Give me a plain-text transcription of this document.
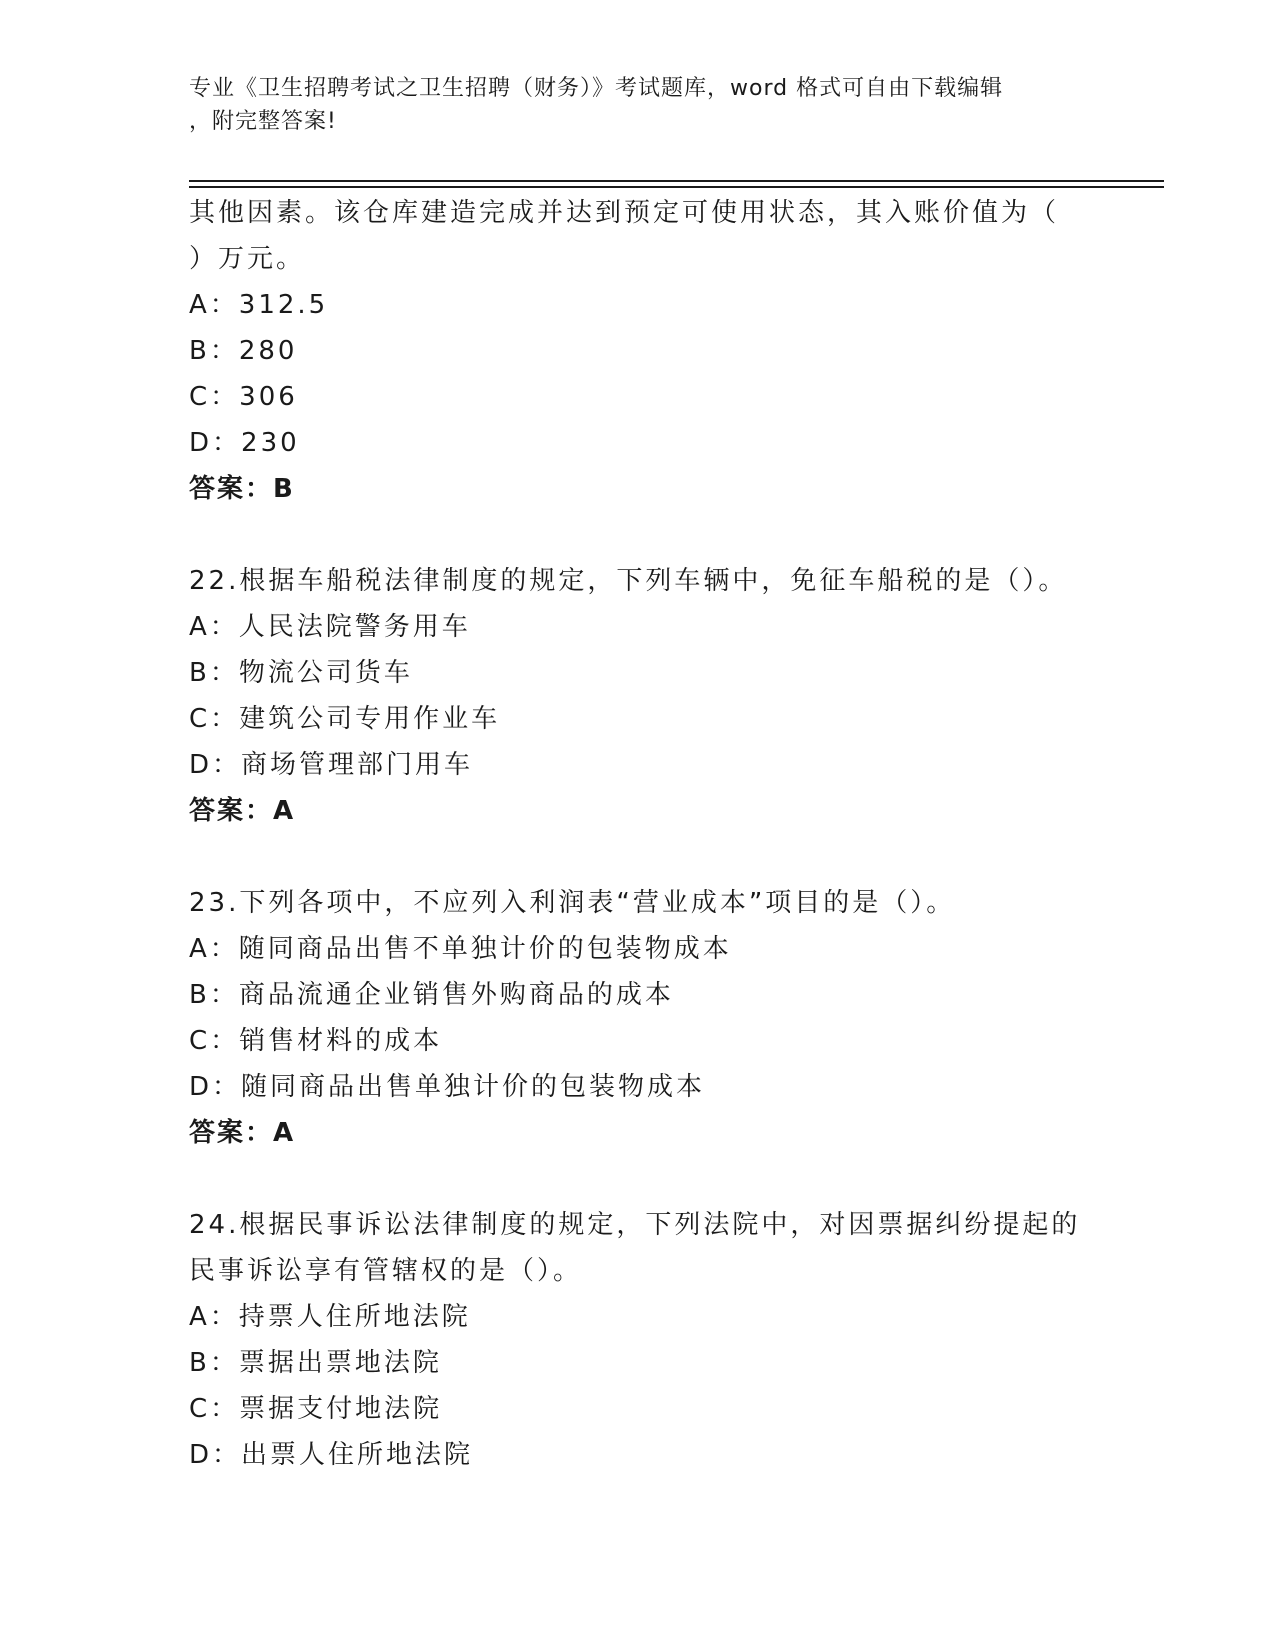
专业《卫生招聘考试之卫生招聘（财务）》考试题库，word 格式可自由下载编辑
，附完整答案!
其他因素。该仓库建造完成并达到预定可使用状态，其入账价值为（
）万元。
A：312.5
B：280
C：306
D：230
答案：B
22.根据车船税法律制度的规定，下列车辆中，免征车船税的是（）。
A：人民法院警务用车
B：物流公司货车
C：建筑公司专用作业车
D：商场管理部门用车
答案：A
23.下列各项中，不应列入利润表“营业成本”项目的是（）。
A：随同商品出售不单独计价的包装物成本
B：商品流通企业销售外购商品的成本
C：销售材料的成本
D：随同商品出售单独计价的包装物成本
答案：A
24.根据民事诉讼法律制度的规定，下列法院中，对因票据纠纷提起的
民事诉讼享有管辖权的是（）。
A：持票人住所地法院
B：票据出票地法院
C：票据支付地法院
D：出票人住所地法院
